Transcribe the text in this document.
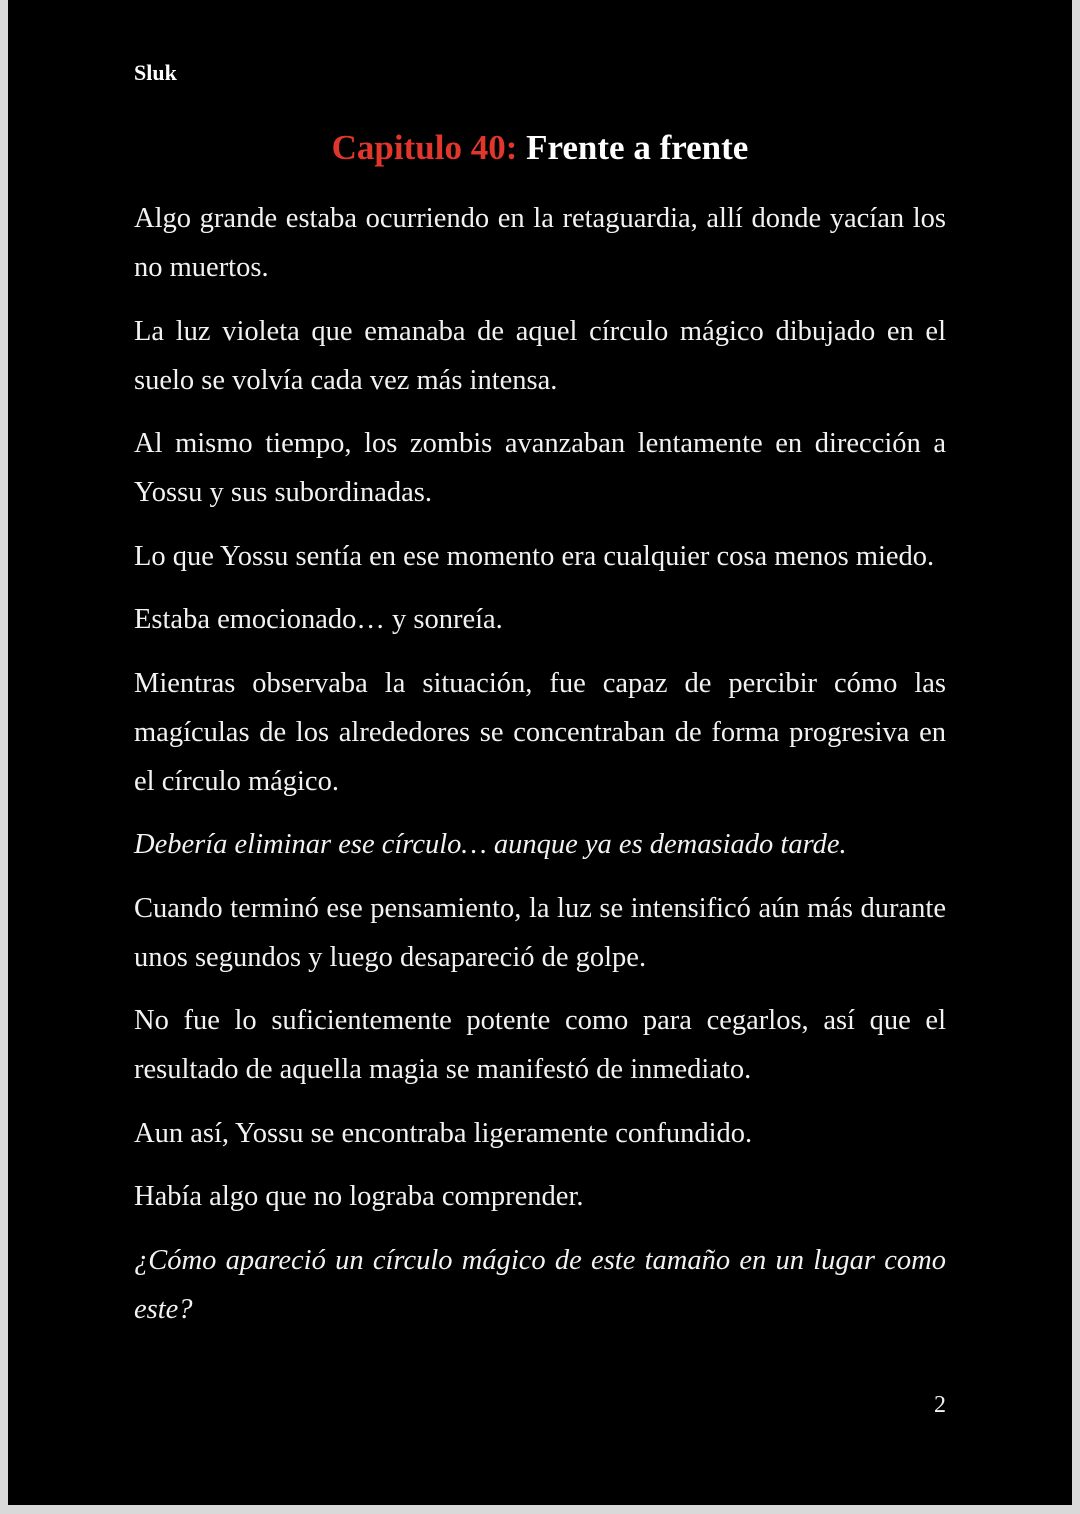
Sluk
Capitulo 40: Frente a frente

Algo grande estaba ocurriendo en la retaguardia, allí donde yacían los no muertos.

La luz violeta que emanaba de aquel círculo mágico dibujado en el suelo se volvía cada vez más intensa.

Al mismo tiempo, los zombis avanzaban lentamente en dirección a Yossu y sus subordinadas.

Lo que Yossu sentía en ese momento era cualquier cosa menos miedo.

Estaba emocionado… y sonreía.

Mientras observaba la situación, fue capaz de percibir cómo las magículas de los alrededores se concentraban de forma progresiva en el círculo mágico.

Debería eliminar ese círculo… aunque ya es demasiado tarde.

Cuando terminó ese pensamiento, la luz se intensificó aún más durante unos segundos y luego desapareció de golpe.

No fue lo suficientemente potente como para cegarlos, así que el resultado de aquella magia se manifestó de inmediato.

Aun así, Yossu se encontraba ligeramente confundido.

Había algo que no lograba comprender.

¿Cómo apareció un círculo mágico de este tamaño en un lugar como este?

2
